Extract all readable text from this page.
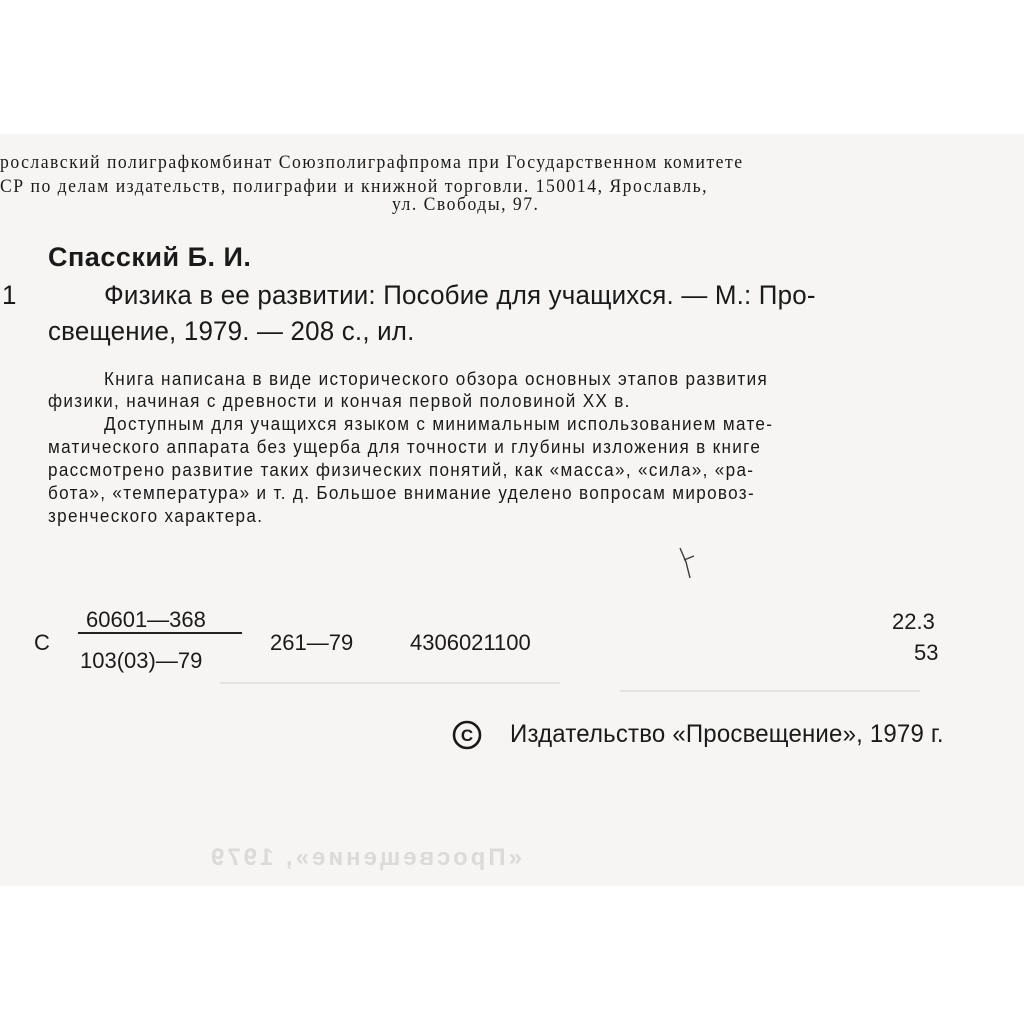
«Просвещение», 1979
рославский полиграфкомбинат Союзполиграфпрома при Государственном комитете
СР по делам издательств, полиграфии и книжной торговли. 150014, Ярославль,
ул. Свободы, 97.
Спасский Б. И.
1	Физика в ее развитии: Пособие для учащихся. — М.: Про-
свещение, 1979. — 208 с., ил.
Книга написана в виде исторического обзора основных этапов развития
физики, начиная с древности и кончая первой половиной XX в.
Доступным для учащихся языком с минимальным использованием мате-
матического аппарата без ущерба для точности и глубины изложения в книге
рассмотрено развитие таких физических понятий, как «масса», «сила», «ра-
бота», «температура» и т. д. Большое внимание уделено вопросам мировоз-
зренческого характера.
С
60601—368
103(03)—79
261—79	4306021100
22.3
53
C Издательство «Просвещение», 1979 г.
